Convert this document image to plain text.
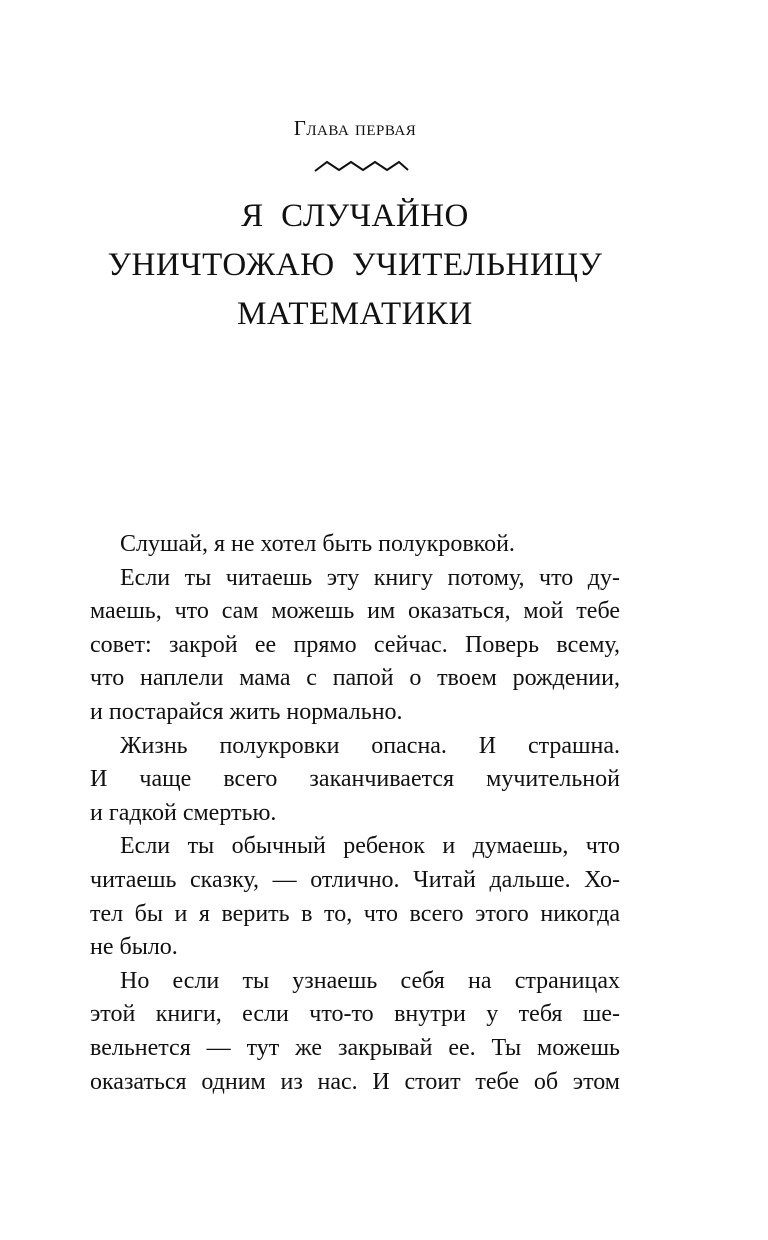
Глава первая
Я  СЛУЧАЙНО
УНИЧТОЖАЮ  УЧИТЕЛЬНИЦУ
МАТЕМАТИКИ
Слушай, я не хотел быть полукровкой.
Если ты читаешь эту книгу потому, что ду-
маешь, что сам можешь им оказаться, мой тебе
совет: закрой ее прямо сейчас. Поверь всему,
что наплели мама с папой о твоем рождении,
и постарайся жить нормально.
Жизнь полукровки опасна. И страшна.
И чаще всего заканчивается мучительной
и гадкой смертью.
Если ты обычный ребенок и думаешь, что
читаешь сказку, — отлично. Читай дальше. Хо-
тел бы и я верить в то, что всего этого никогда
не было.
Но если ты узнаешь себя на страницах
этой книги, если что-то внутри у тебя ше-
вельнется — тут же закрывай ее. Ты можешь
оказаться одним из нас. И стоит тебе об этом
